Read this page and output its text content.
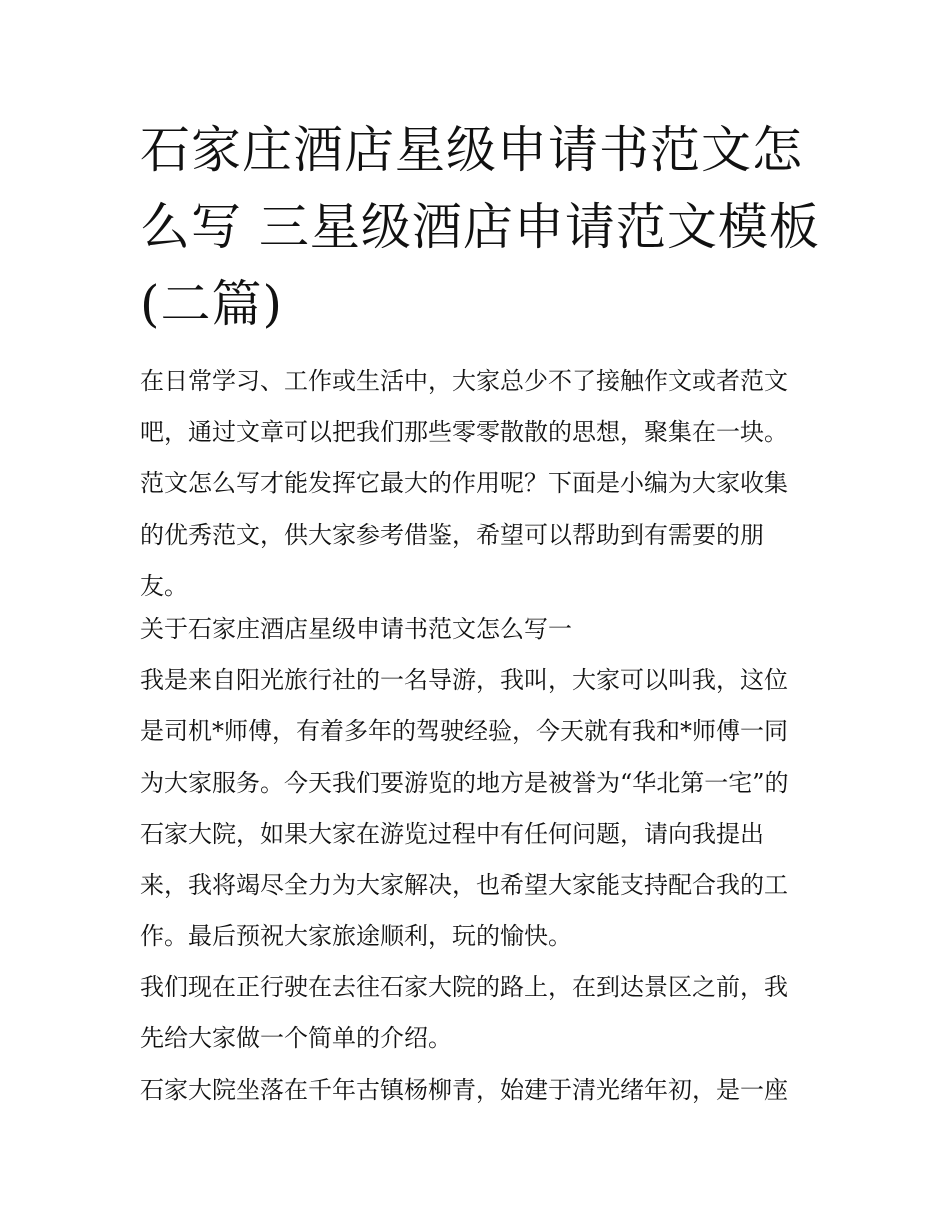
石家庄酒店星级申请书范文怎
么写 三星级酒店申请范文模板
(二篇)

在日常学习、工作或生活中，大家总少不了接触作文或者范文
吧，通过文章可以把我们那些零零散散的思想，聚集在一块。
范文怎么写才能发挥它最大的作用呢？下面是小编为大家收集
的优秀范文，供大家参考借鉴，希望可以帮助到有需要的朋
友。

关于石家庄酒店星级申请书范文怎么写一

我是来自阳光旅行社的一名导游，我叫，大家可以叫我，这位
是司机*师傅，有着多年的驾驶经验，今天就有我和*师傅一同
为大家服务。今天我们要游览的地方是被誉为“华北第一宅”的
石家大院，如果大家在游览过程中有任何问题，请向我提出
来，我将竭尽全力为大家解决，也希望大家能支持配合我的工
作。最后预祝大家旅途顺利，玩的愉快。

我们现在正行驶在去往石家大院的路上，在到达景区之前，我
先给大家做一个简单的介绍。

石家大院坐落在千年古镇杨柳青，始建于清光绪年初，是一座
